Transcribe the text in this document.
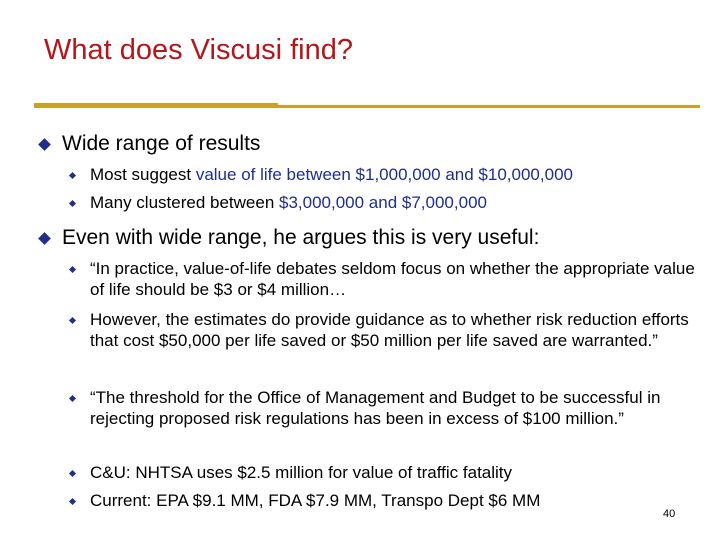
What does Viscusi find?
Wide range of results
Most suggest value of life between $1,000,000 and $10,000,000
Many clustered between $3,000,000 and $7,000,000
Even with wide range, he argues this is very useful:
“In practice, value-of-life debates seldom focus on whether the appropriate value of life should be $3 or $4 million…
However, the estimates do provide guidance as to whether risk reduction efforts that cost $50,000 per life saved or $50 million per life saved are warranted.”
“The threshold for the Office of Management and Budget to be successful in rejecting proposed risk regulations has been in excess of $100 million.”
C&U: NHTSA uses $2.5 million for value of traffic fatality
Current: EPA $9.1 MM, FDA $7.9 MM, Transpo Dept $6 MM
40
